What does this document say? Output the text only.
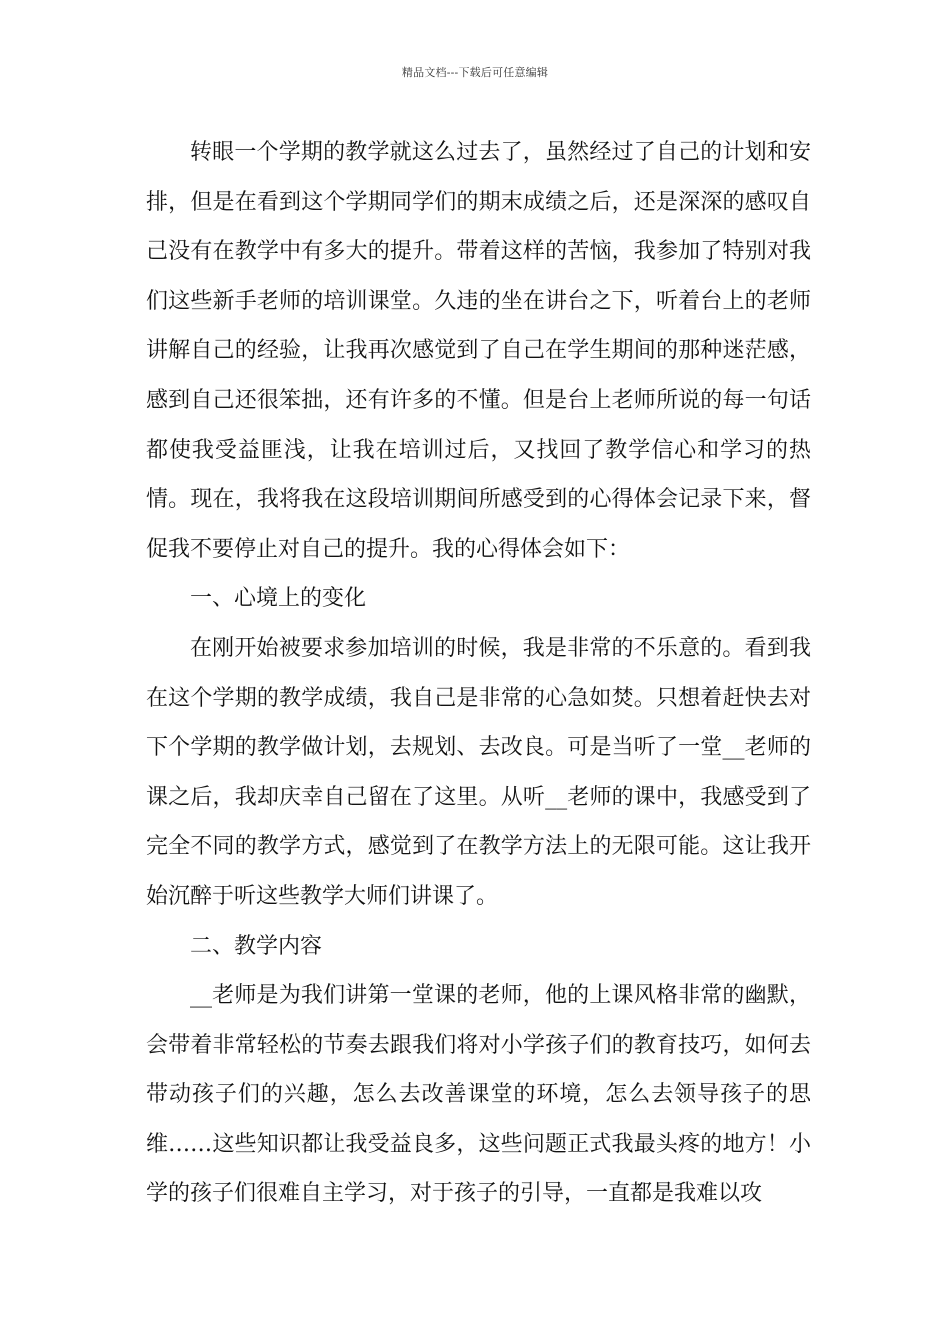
精品文档---下载后可任意编辑

转眼一个学期的教学就这么过去了，虽然经过了自己的计划和安排，但是在看到这个学期同学们的期末成绩之后，还是深深的感叹自己没有在教学中有多大的提升。带着这样的苦恼，我参加了特别对我们这些新手老师的培训课堂。久违的坐在讲台之下，听着台上的老师讲解自己的经验，让我再次感觉到了自己在学生期间的那种迷茫感，感到自己还很笨拙，还有许多的不懂。但是台上老师所说的每一句话都使我受益匪浅，让我在培训过后，又找回了教学信心和学习的热情。现在，我将我在这段培训期间所感受到的心得体会记录下来，督促我不要停止对自己的提升。我的心得体会如下：

一、心境上的变化

在刚开始被要求参加培训的时候，我是非常的不乐意的。看到我在这个学期的教学成绩，我自己是非常的心急如焚。只想着赶快去对下个学期的教学做计划，去规划、去改良。可是当听了一堂__老师的课之后，我却庆幸自己留在了这里。从听__老师的课中，我感受到了完全不同的教学方式，感觉到了在教学方法上的无限可能。这让我开始沉醉于听这些教学大师们讲课了。

二、教学内容

__老师是为我们讲第一堂课的老师，他的上课风格非常的幽默，会带着非常轻松的节奏去跟我们将对小学孩子们的教育技巧，如何去带动孩子们的兴趣，怎么去改善课堂的环境，怎么去领导孩子的思维……这些知识都让我受益良多，这些问题正式我最头疼的地方！小学的孩子们很难自主学习，对于孩子的引导，一直都是我难以攻
